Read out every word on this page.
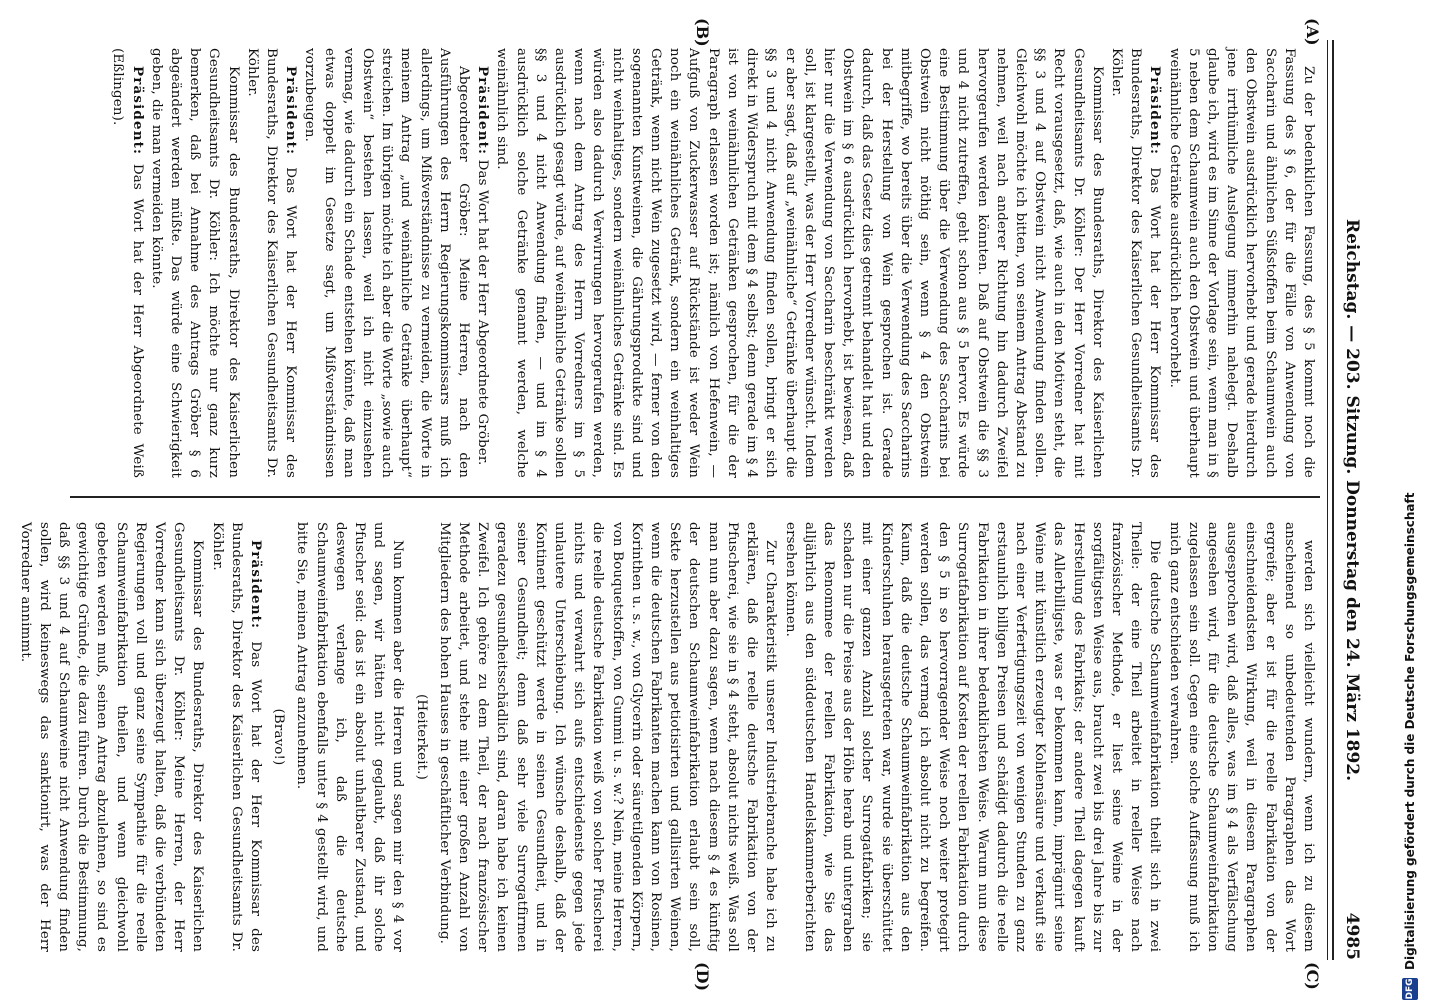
Reichstag. — 203. Sitzung. Donnerstag den 24. März 1892.
4985
(A)
(B)
(C)
(D)

Zu der bedenklichen Fassung, des § 5 kommt noch die Fassung des § 6, der für die Fälle von Anwendung von Saccharin und ähnlichen Süßstoffen beim Schaumwein auch den Obstwein ausdrücklich hervorhebt und gerade hierdurch jene irrthümliche Auslegung immerhin nahelegt. Deshalb glaube ich, wird es im Sinne der Vorlage sein, wenn man in § 5 neben dem Schaumwein auch den Obstwein und überhaupt weinähnliche Getränke ausdrücklich hervorhebt.

Präsident: Das Wort hat der Herr Kommissar des Bundesraths, Direktor des Kaiserlichen Gesundheitsamts Dr. Köhler.

Kommissar des Bundesraths, Direktor des Kaiserlichen Gesundheitsamts Dr. Köhler: Der Herr Vorredner hat mit Recht vorausgesetzt, daß, wie auch in den Motiven steht, die §§ 3 und 4 auf Obstwein nicht Anwendung finden sollen. Gleichwohl möchte ich bitten, von seinem Antrag Abstand zu nehmen, weil nach anderer Richtung hin dadurch Zweifel hervorgerufen werden könnten. Daß auf Obstwein die §§ 3 und 4 nicht zutreffen, geht schon aus § 5 hervor. Es würde eine Bestimmung über die Verwendung des Saccharins bei Obstwein nicht nöthig sein, wenn § 4 den Obstwein mitbegriffe, wo bereits über die Verwendung des Saccharins bei der Herstellung von Wein gesprochen ist. Gerade dadurch, daß das Gesetz dies getrennt behandelt hat und den Obstwein im § 6 ausdrücklich hervorhebt, ist bewiesen, daß hier nur die Verwendung von Saccharin beschränkt werden soll, ist klargestellt, was der Herr Vorredner wünscht. Indem er aber sagt, daß auf „weinähnliche“ Getränke überhaupt die §§ 3 und 4 nicht Anwendung finden sollen, bringt er sich direkt in Widerspruch mit dem § 4 selbst; denn gerade im § 4 ist von weinähnlichen Getränken gesprochen, für die der Paragraph erlassen worden ist; nämlich von Hefenwein, — Aufguß von Zuckerwasser auf Rückstände ist weder Wein noch ein weinähnliches Getränk, sondern ein weinhaltiges Getränk, wenn nicht Wein zugesetzt wird, — ferner von den sogenannten Kunstweinen, die Gährungsprodukte sind und nicht weinhaltiges, sondern weinähnliches Getränke sind. Es würden also dadurch Verwirrungen hervorgerufen werden, wenn nach dem Antrag des Herrn Vorredners im § 5 ausdrücklich gesagt würde, auf weinähnliche Getränke sollen §§ 3 und 4 nicht Anwendung finden, — und im § 4 ausdrücklich solche Getränke genannt werden, welche weinähnlich sind.

Präsident: Das Wort hat der Herr Abgeordnete Gröber.

Abgeordneter Gröber: Meine Herren, nach den Ausführungen des Herrn Regierungskommissars muß ich allerdings, um Mißverständnisse zu vermeiden, die Worte in meinem Antrag „und weinähnliche Getränke überhaupt“ streichen. Im übrigen möchte ich aber die Worte „sowie auch Obstwein“ bestehen lassen, weil ich nicht einzusehen vermag, wie dadurch ein Schade entstehen könnte, daß man etwas doppelt im Gesetze sagt, um Mißverständnissen vorzubeugen.

Präsident: Das Wort hat der Herr Kommissar des Bundesraths, Direktor des Kaiserlichen Gesundheitsamts Dr. Köhler.

Kommissar des Bundesraths, Direktor des Kaiserlichen Gesundheitsamts Dr. Köhler: Ich möchte nur ganz kurz bemerken, daß bei Annahme des Antrags Gröber § 6 abgeändert werden müßte. Das würde eine Schwierigkeit geben, die man vermeiden könnte.

Präsident: Das Wort hat der Herr Abgeordnete Weiß (Eßlingen).

werden sich vielleicht wundern, wenn ich zu diesem anscheinend so unbedeutenden Paragraphen das Wort ergreife; aber er ist für die reelle Fabrikation von der einschneidendsten Wirkung, weil in diesem Paragraphen ausgesprochen wird, daß alles, was im § 4 als Verfälschung angesehen wird, für die deutsche Schaumweinfabrikation zugelassen sein soll. Gegen eine solche Auffassung muß ich mich ganz entschieden verwahren.

Die deutsche Schaumweinfabrikation theilt sich in zwei Theile: der eine Theil arbeitet in reeller Weise nach französischer Methode, er liest seine Weine in der sorgfältigsten Weise aus, braucht zwei bis drei Jahre bis zur Herstellung des Fabrikats; der andere Theil dagegen kauft das Allerbilligste, was er bekommen kann, imprägnirt seine Weine mit künstlich erzeugter Kohlensäure und verkauft sie nach einer Verfertigungszeit von wenigen Stunden zu ganz erstaunlich billigen Preisen und schädigt dadurch die reelle Fabrikation in ihrer bedenklichsten Weise. Warum nun diese Surrogatfabrikation auf Kosten der reellen Fabrikation durch den § 5 in so hervorragender Weise noch weiter protegirt werden sollen, das vermag ich absolut nicht zu begreifen. Kaum, daß die deutsche Schaumweinfabrikation aus den Kinderschuhen herausgetreten war, wurde sie überschüttet mit einer ganzen Anzahl solcher Surrogatfabriken; sie schaden nur die Preise aus der Höhe herab und untergraben das Renommee der reellen Fabrikation, wie Sie das alljährlich aus den süddeutschen Handelskammerberichten ersehen können.

Zur Charakteristik unserer Industriebranche habe ich zu erklären, daß die reelle deutsche Fabrikation von der Pfuscherei, wie sie in § 4 steht, absolut nichts weiß. Was soll man nun aber dazu sagen, wenn nach diesem § 4 es künftig der deutschen Schaumweinfabrikation erlaubt sein soll, Sekte herzustellen aus petiotisirten und gallisirten Weinen, wenn die deutschen Fabrikanten machen kann von Rosinen, Korinthen u. s. w., von Glycerin oder säuretilgenden Körpern, von Bouquetstoffen, von Gummi u. s. w.? Nein, meine Herren, die reelle deutsche Fabrikation weiß von solcher Pfuscherei nichts und verwahrt sich aufs entschiedenste gegen jede unlautere Unterschiebung. Ich wünsche deshalb, daß der Kontinent geschützt werde in seinen Gesundheit, und in seiner Gesundheit; denn daß sehr viele Surrogatfirmen geradezu gesundheitsschädlich sind, daran habe ich keinen Zweifel. Ich gehöre zu dem Theil, der nach französischer Methode arbeitet, und stehe mit einer großen Anzahl von Mitgliedern des hohen Hauses in geschäftlicher Verbindung.

(Heiterkeit.)

Nun kommen aber die Herren und sagen mir den § 4 vor und sagen, wir hätten nicht geglaubt, daß ihr solche Pfuscher seid: das ist ein absolut unhaltbarer Zustand, und deswegen verlange ich, daß die deutsche Schaumweinfabrikation ebenfalls unter § 4 gestellt wird, und bitte Sie, meinen Antrag anzunehmen.

(Bravo!)

Präsident: Das Wort hat der Herr Kommissar des Bundesraths, Direktor des Kaiserlichen Gesundheitsamts Dr. Köhler.

Kommissar des Bundesraths, Direktor des Kaiserlichen Gesundheitsamts Dr. Köhler: Meine Herren, der Herr Vorredner kann sich überzeugt halten, daß die verbündeten Regierungen voll und ganz seine Sympathie für die reelle Schaumweinfabrikation theilen, und wenn gleichwohl gebeten werden muß, seinen Antrag abzulehnen, so sind es gewichtige Gründe, die dazu führen. Durch die Bestimmung, daß §§ 3 und 4 auf Schaumweine nicht Anwendung finden sollen, wird keineswegs das sanktionirt, was der Herr Vorredner annimmt.

DFG
Digitalisierung gefördert durch die Deutsche Forschungsgemeinschaft
